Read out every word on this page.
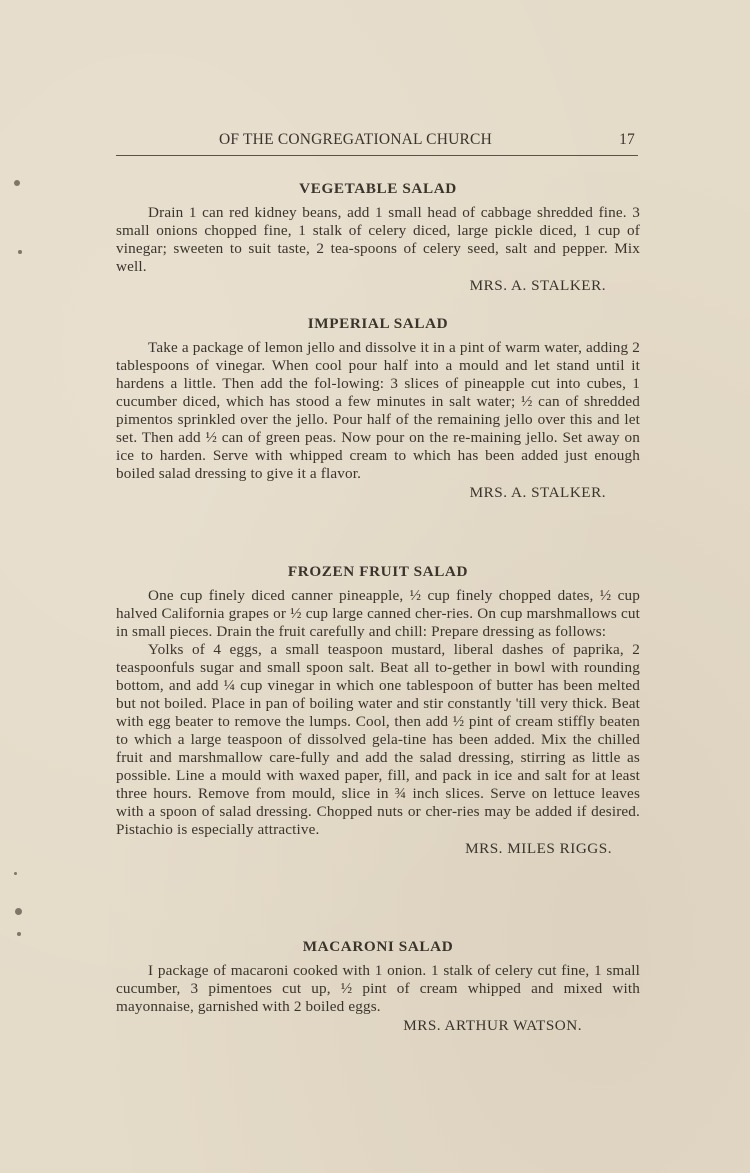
OF THE CONGREGATIONAL CHURCH	17
VEGETABLE SALAD

Drain 1 can red kidney beans, add 1 small head of cabbage shredded fine. 3 small onions chopped fine, 1 stalk of celery diced, large pickle diced, 1 cup of vinegar; sweeten to suit taste, 2 tea-spoons of celery seed, salt and pepper. Mix well.

MRS. A. STALKER.
IMPERIAL SALAD

Take a package of lemon jello and dissolve it in a pint of warm water, adding 2 tablespoons of vinegar. When cool pour half into a mould and let stand until it hardens a little. Then add the fol-lowing: 3 slices of pineapple cut into cubes, 1 cucumber diced, which has stood a few minutes in salt water; ½ can of shredded pimentos sprinkled over the jello. Pour half of the remaining jello over this and let set. Then add ½ can of green peas. Now pour on the re-maining jello. Set away on ice to harden. Serve with whipped cream to which has been added just enough boiled salad dressing to give it a flavor.

MRS. A. STALKER.
FROZEN FRUIT SALAD

One cup finely diced canner pineapple, ½ cup finely chopped dates, ½ cup halved California grapes or ½ cup large canned cher-ries. On cup marshmallows cut in small pieces. Drain the fruit carefully and chill: Prepare dressing as follows:

Yolks of 4 eggs, a small teaspoon mustard, liberal dashes of paprika, 2 teaspoonfuls sugar and small spoon salt. Beat all to-gether in bowl with rounding bottom, and add ¼ cup vinegar in which one tablespoon of butter has been melted but not boiled. Place in pan of boiling water and stir constantly 'till very thick. Beat with egg beater to remove the lumps. Cool, then add ½ pint of cream stiffly beaten to which a large teaspoon of dissolved gela-tine has been added. Mix the chilled fruit and marshmallow care-fully and add the salad dressing, stirring as little as possible. Line a mould with waxed paper, fill, and pack in ice and salt for at least three hours. Remove from mould, slice in ¾ inch slices. Serve on lettuce leaves with a spoon of salad dressing. Chopped nuts or cher-ries may be added if desired. Pistachio is especially attractive.

MRS. MILES RIGGS.
MACARONI SALAD

I package of macaroni cooked with 1 onion. 1 stalk of celery cut fine, 1 small cucumber, 3 pimentoes cut up, ½ pint of cream whipped and mixed with mayonnaise, garnished with 2 boiled eggs.

MRS. ARTHUR WATSON.
